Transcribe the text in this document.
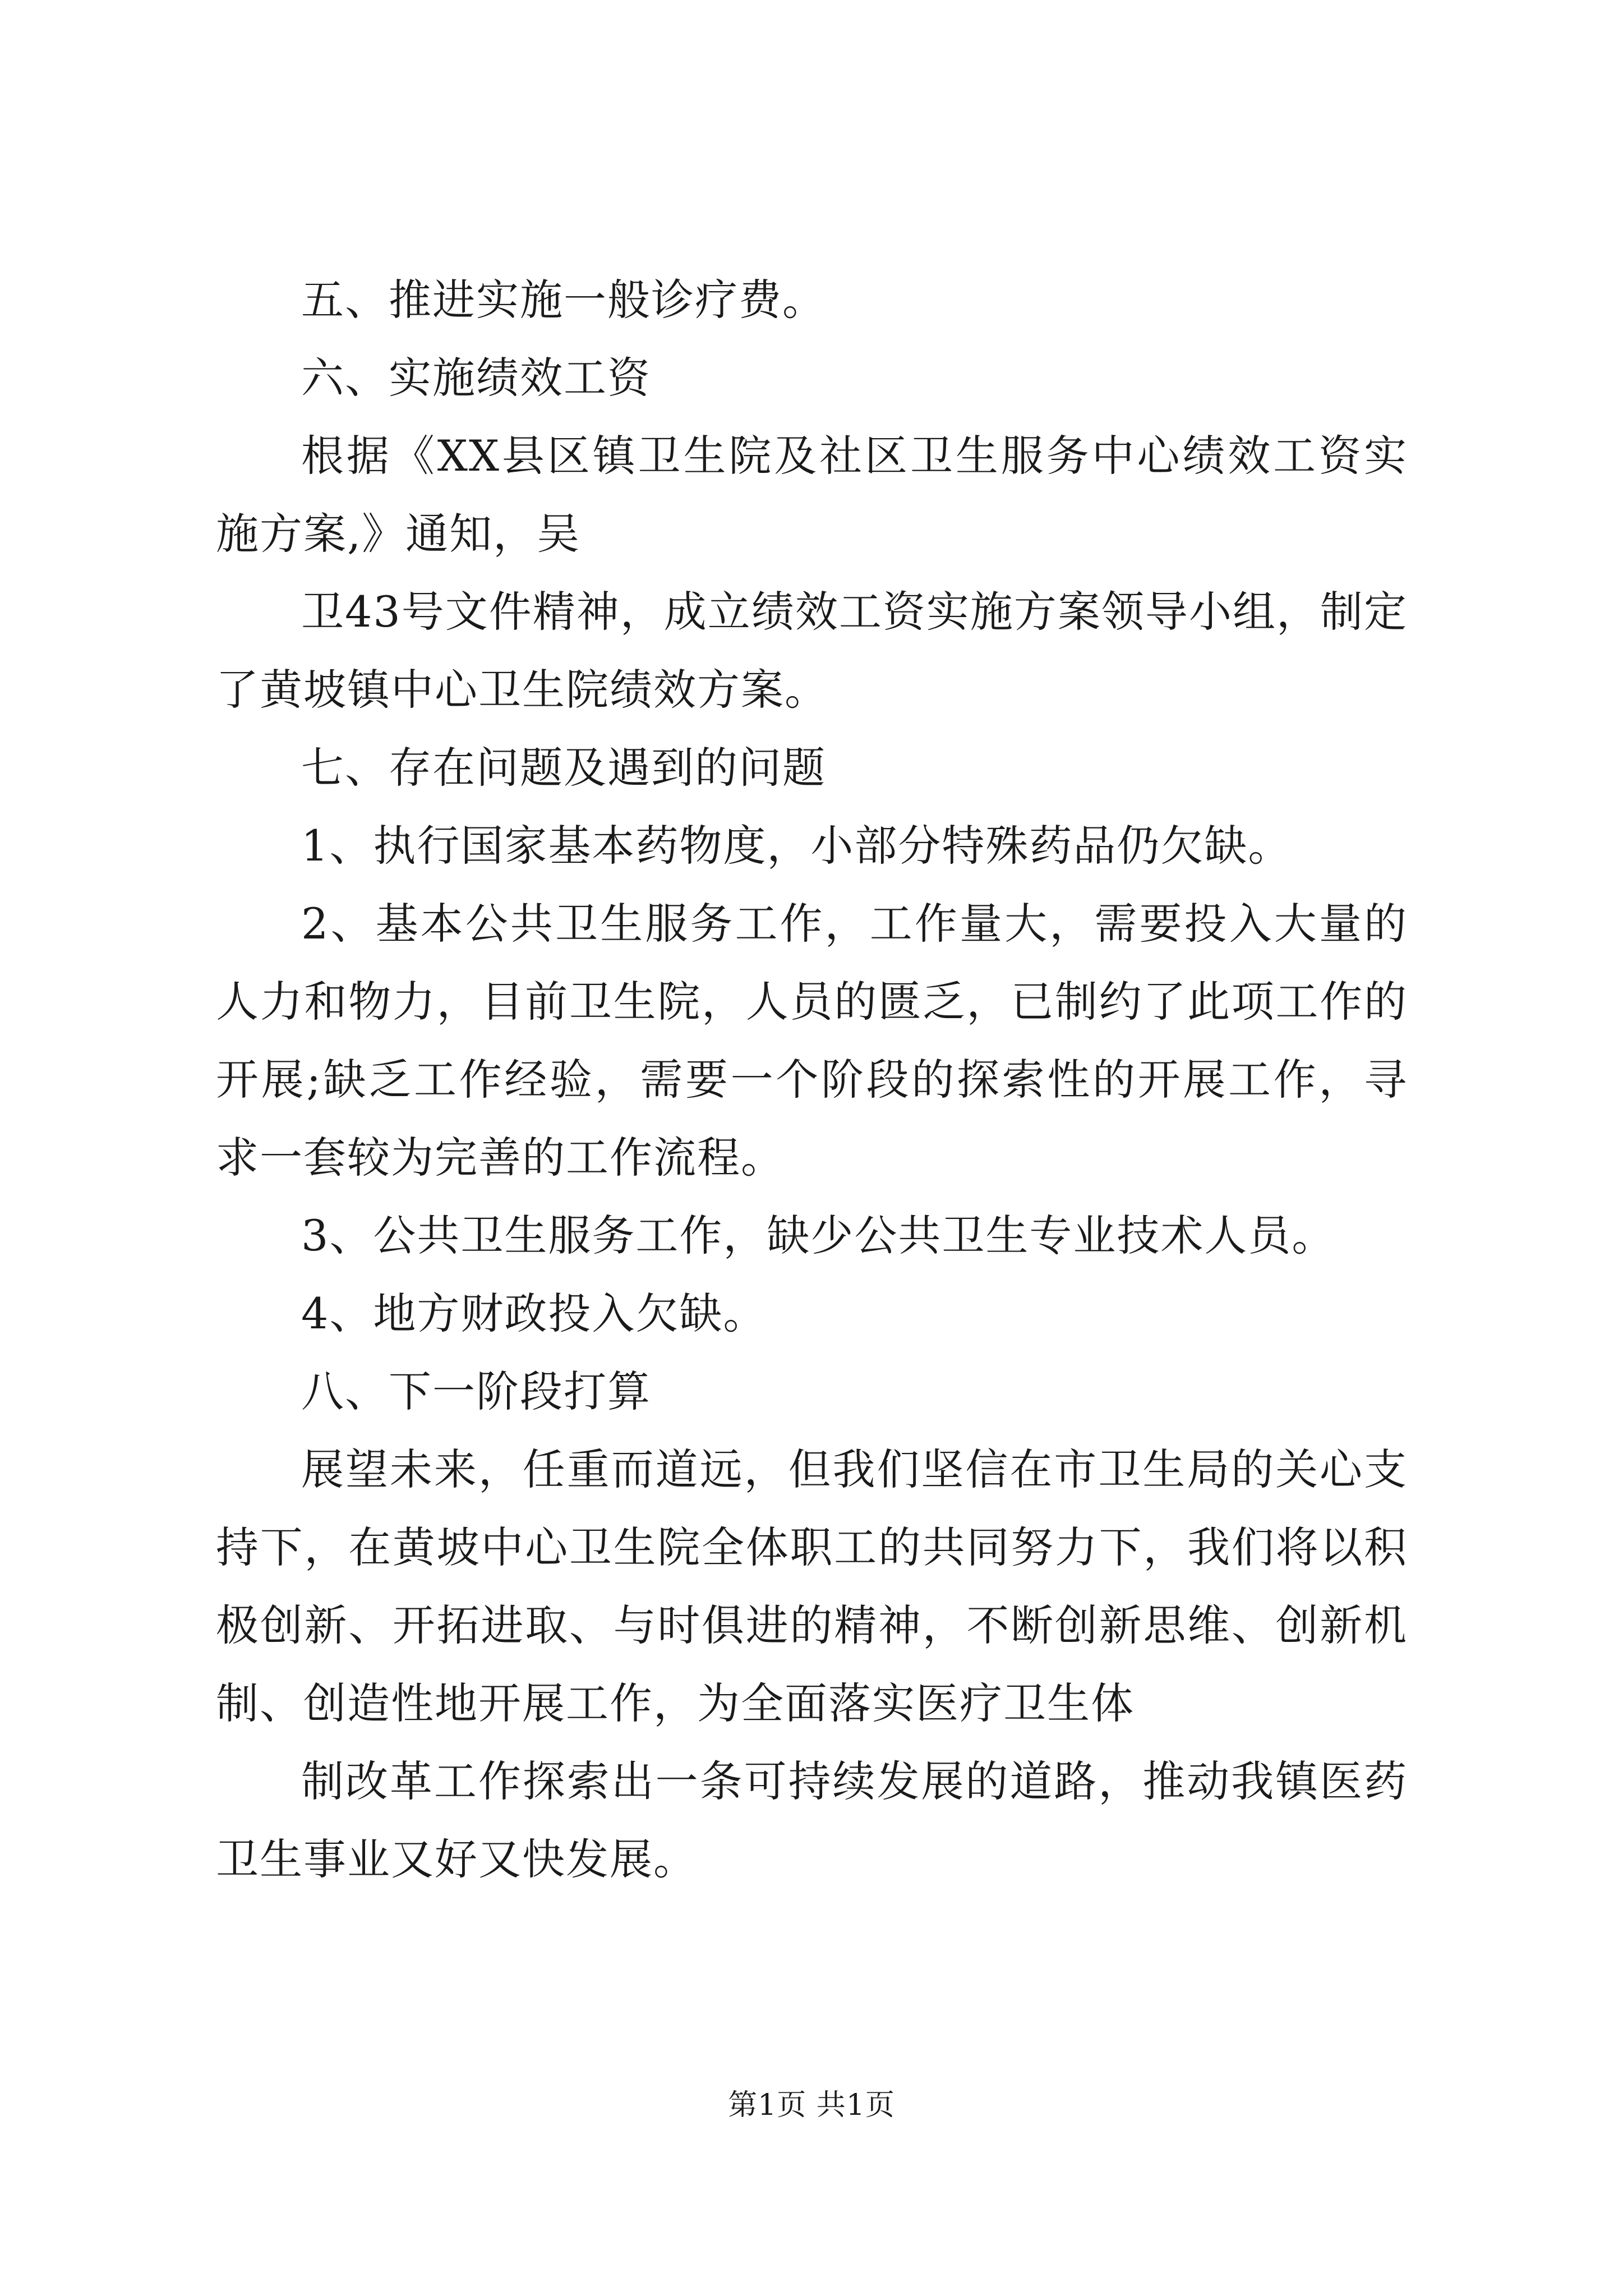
五、推进实施一般诊疗费。

六、实施绩效工资

根据《XX县区镇卫生院及社区卫生服务中心绩效工资实施方案,》通知，吴

卫43号文件精神，成立绩效工资实施方案领导小组，制定了黄坡镇中心卫生院绩效方案。

七、存在问题及遇到的问题

1、执行国家基本药物度，小部分特殊药品仍欠缺。

2、基本公共卫生服务工作，工作量大，需要投入大量的人力和物力，目前卫生院，人员的匮乏，已制约了此项工作的开展;缺乏工作经验，需要一个阶段的探索性的开展工作，寻求一套较为完善的工作流程。

3、公共卫生服务工作，缺少公共卫生专业技术人员。

4、地方财政投入欠缺。

八、下一阶段打算

展望未来，任重而道远，但我们坚信在市卫生局的关心支持下，在黄坡中心卫生院全体职工的共同努力下，我们将以积极创新、开拓进取、与时俱进的精神，不断创新思维、创新机制、创造性地开展工作，为全面落实医疗卫生体

制改革工作探索出一条可持续发展的道路，推动我镇医药卫生事业又好又快发展。

第1页 共1页
